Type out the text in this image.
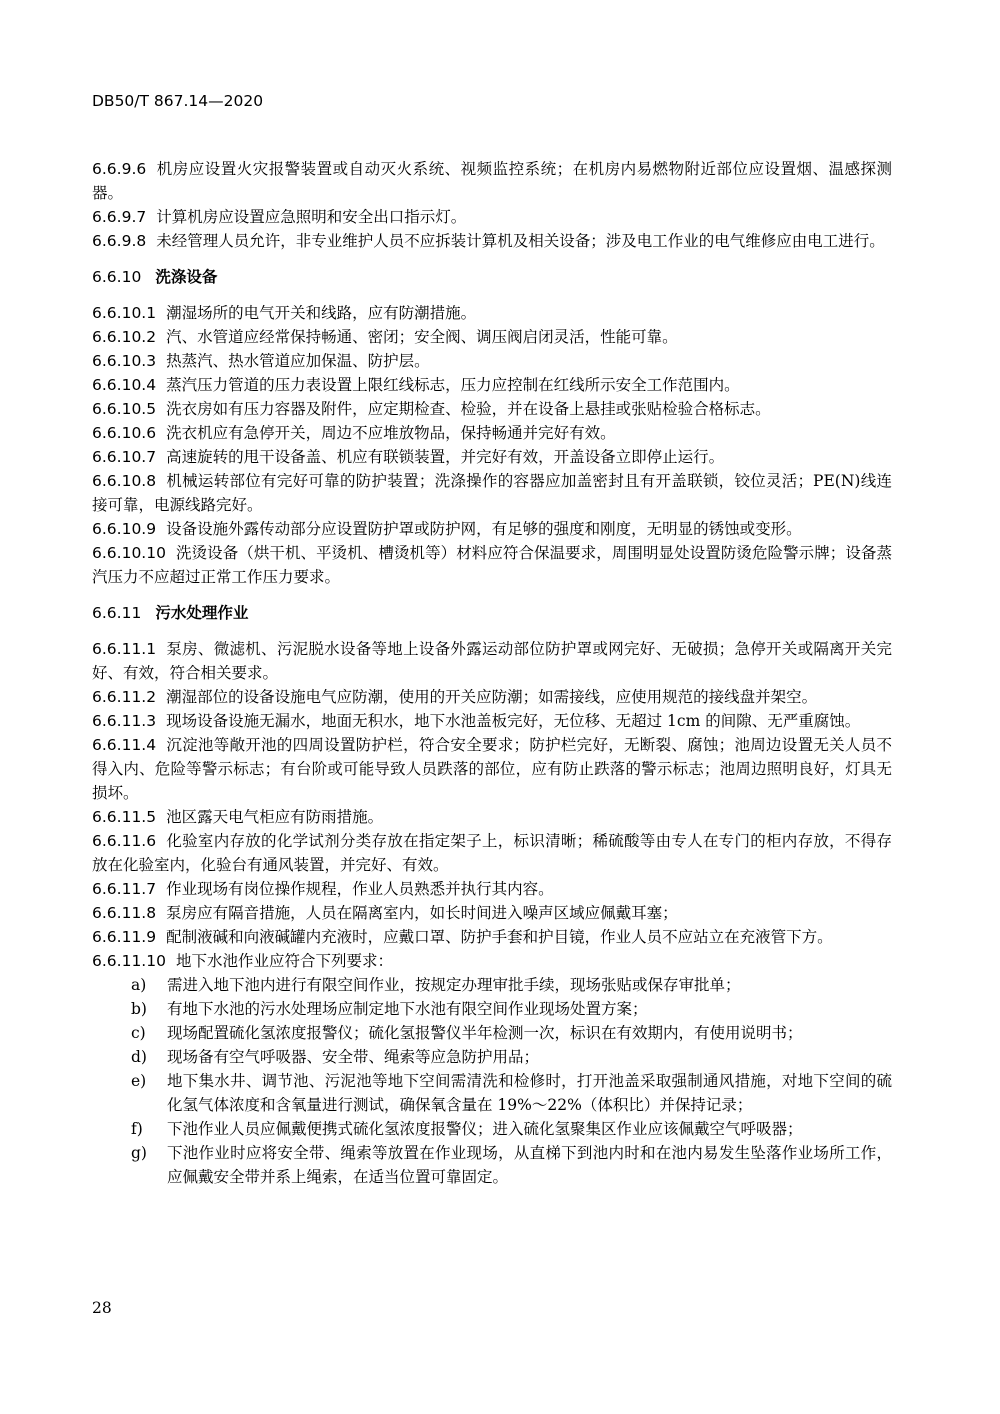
DB50/T 867.14—2020

6.6.9.6 机房应设置火灾报警装置或自动灭火系统、视频监控系统；在机房内易燃物附近部位应设置烟、温感探测器。

6.6.9.7 计算机房应设置应急照明和安全出口指示灯。

6.6.9.8 未经管理人员允许，非专业维护人员不应拆装计算机及相关设备；涉及电工作业的电气维修应由电工进行。

6.6.10 洗涤设备

6.6.10.1 潮湿场所的电气开关和线路，应有防潮措施。

6.6.10.2 汽、水管道应经常保持畅通、密闭；安全阀、调压阀启闭灵活，性能可靠。

6.6.10.3 热蒸汽、热水管道应加保温、防护层。

6.6.10.4 蒸汽压力管道的压力表设置上限红线标志，压力应控制在红线所示安全工作范围内。

6.6.10.5 洗衣房如有压力容器及附件，应定期检查、检验，并在设备上悬挂或张贴检验合格标志。

6.6.10.6 洗衣机应有急停开关，周边不应堆放物品，保持畅通并完好有效。

6.6.10.7 高速旋转的甩干设备盖、机应有联锁装置，并完好有效，开盖设备立即停止运行。

6.6.10.8 机械运转部位有完好可靠的防护装置；洗涤操作的容器应加盖密封且有开盖联锁，铰位灵活；PE(N)线连接可靠，电源线路完好。

6.6.10.9 设备设施外露传动部分应设置防护罩或防护网，有足够的强度和刚度，无明显的锈蚀或变形。

6.6.10.10 洗烫设备（烘干机、平烫机、槽烫机等）材料应符合保温要求，周围明显处设置防烫危险警示牌；设备蒸汽压力不应超过正常工作压力要求。

6.6.11 污水处理作业

6.6.11.1 泵房、微滤机、污泥脱水设备等地上设备外露运动部位防护罩或网完好、无破损；急停开关或隔离开关完好、有效，符合相关要求。

6.6.11.2 潮湿部位的设备设施电气应防潮，使用的开关应防潮；如需接线，应使用规范的接线盘并架空。

6.6.11.3 现场设备设施无漏水，地面无积水，地下水池盖板完好，无位移、无超过 1cm 的间隙、无严重腐蚀。

6.6.11.4 沉淀池等敞开池的四周设置防护栏，符合安全要求；防护栏完好，无断裂、腐蚀；池周边设置无关人员不得入内、危险等警示标志；有台阶或可能导致人员跌落的部位，应有防止跌落的警示标志；池周边照明良好，灯具无损坏。

6.6.11.5 池区露天电气柜应有防雨措施。

6.6.11.6 化验室内存放的化学试剂分类存放在指定架子上，标识清晰；稀硫酸等由专人在专门的柜内存放，不得存放在化验室内，化验台有通风装置，并完好、有效。

6.6.11.7 作业现场有岗位操作规程，作业人员熟悉并执行其内容。

6.6.11.8 泵房应有隔音措施，人员在隔离室内，如长时间进入噪声区域应佩戴耳塞；

6.6.11.9 配制液碱和向液碱罐内充液时，应戴口罩、防护手套和护目镜，作业人员不应站立在充液管下方。

6.6.11.10 地下水池作业应符合下列要求：

a) 需进入地下池内进行有限空间作业，按规定办理审批手续，现场张贴或保存审批单；
b) 有地下水池的污水处理场应制定地下水池有限空间作业现场处置方案；
c) 现场配置硫化氢浓度报警仪；硫化氢报警仪半年检测一次，标识在有效期内，有使用说明书；
d) 现场备有空气呼吸器、安全带、绳索等应急防护用品；
e) 地下集水井、调节池、污泥池等地下空间需清洗和检修时，打开池盖采取强制通风措施，对地下空间的硫化氢气体浓度和含氧量进行测试，确保氧含量在 19%～22%（体积比）并保持记录；
f) 下池作业人员应佩戴便携式硫化氢浓度报警仪；进入硫化氢聚集区作业应该佩戴空气呼吸器；
g) 下池作业时应将安全带、绳索等放置在作业现场，从直梯下到池内时和在池内易发生坠落作业场所工作，应佩戴安全带并系上绳索，在适当位置可靠固定。
28
